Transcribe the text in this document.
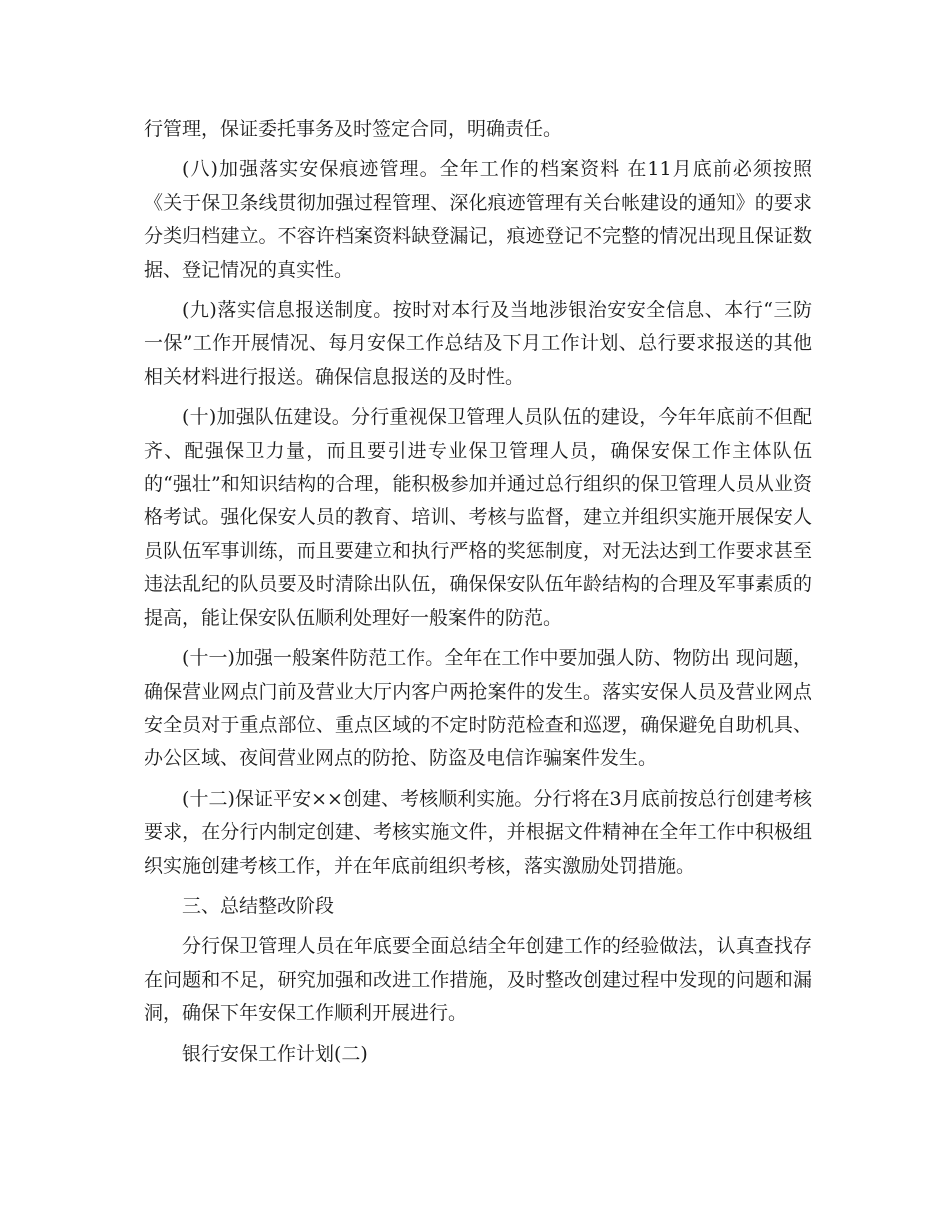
行管理，保证委托事务及时签定合同，明确责任。

(八)加强落实安保痕迹管理。全年工作的档案资料 在11月底前必须按照《关于保卫条线贯彻加强过程管理、深化痕迹管理有关台帐建设的通知》的要求分类归档建立。不容许档案资料缺登漏记，痕迹登记不完整的情况出现且保证数据、登记情况的真实性。

(九)落实信息报送制度。按时对本行及当地涉银治安安全信息、本行“三防一保”工作开展情况、每月安保工作总结及下月工作计划、总行要求报送的其他相关材料进行报送。确保信息报送的及时性。

(十)加强队伍建设。分行重视保卫管理人员队伍的建设，今年年底前不但配齐、配强保卫力量，而且要引进专业保卫管理人员，确保安保工作主体队伍的“强壮”和知识结构的合理，能积极参加并通过总行组织的保卫管理人员从业资格考试。强化保安人员的教育、培训、考核与监督，建立并组织实施开展保安人员队伍军事训练，而且要建立和执行严格的奖惩制度，对无法达到工作要求甚至违法乱纪的队员要及时清除出队伍，确保保安队伍年龄结构的合理及军事素质的提高，能让保安队伍顺利处理好一般案件的防范。

(十一)加强一般案件防范工作。全年在工作中要加强人防、物防出 现问题，确保营业网点门前及营业大厅内客户两抢案件的发生。落实安保人员及营业网点安全员对于重点部位、重点区域的不定时防范检查和巡逻，确保避免自助机具、办公区域、夜间营业网点的防抢、防盗及电信诈骗案件发生。

(十二)保证平安××创建、考核顺利实施。分行将在3月底前按总行创建考核要求，在分行内制定创建、考核实施文件，并根据文件精神在全年工作中积极组织实施创建考核工作，并在年底前组织考核，落实激励处罚措施。

三、总结整改阶段

分行保卫管理人员在年底要全面总结全年创建工作的经验做法，认真查找存在问题和不足，研究加强和改进工作措施，及时整改创建过程中发现的问题和漏洞，确保下年安保工作顺利开展进行。

银行安保工作计划(二)
